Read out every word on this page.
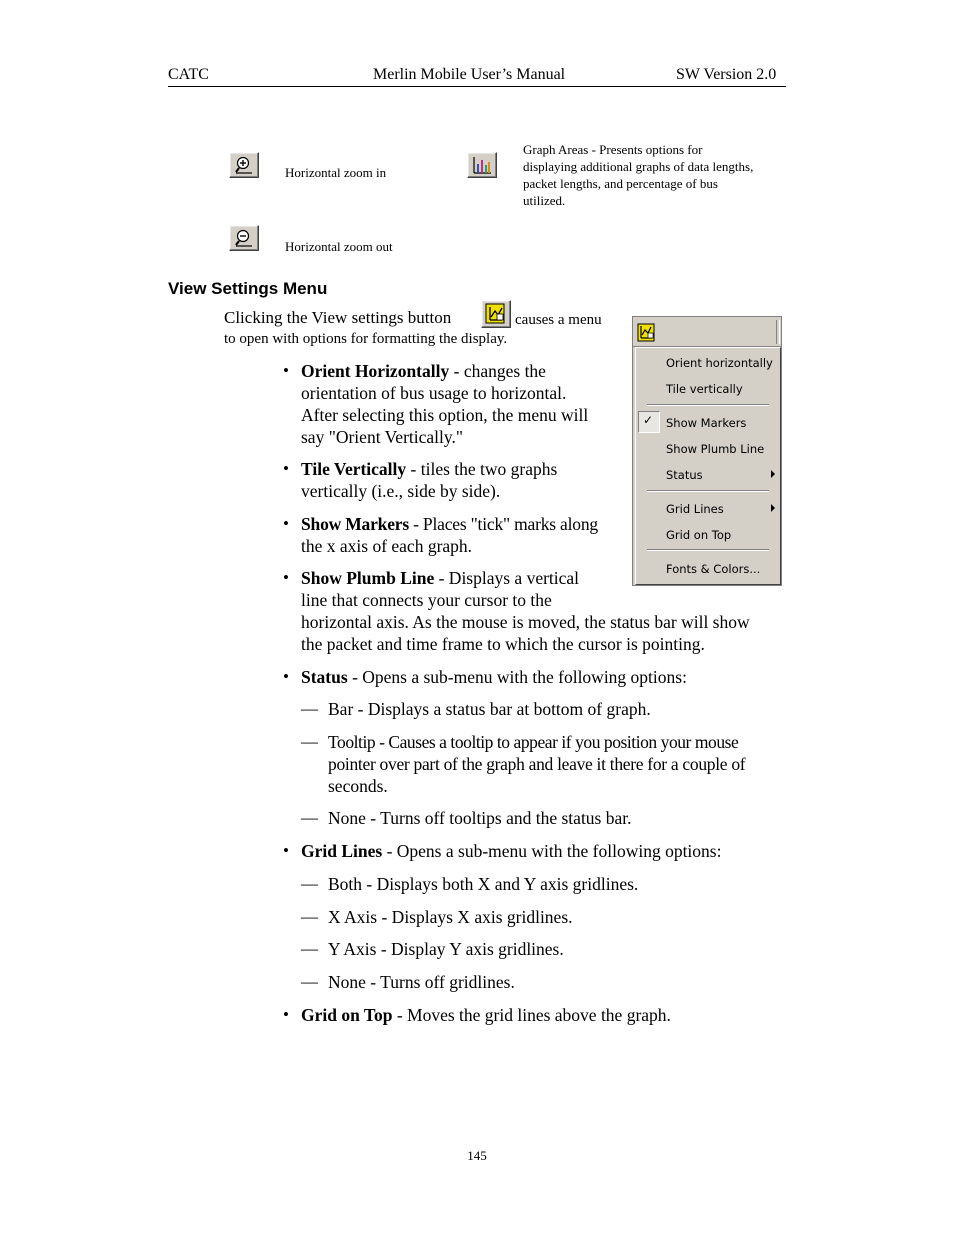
CATC	Merlin Mobile User’s Manual	SW Version 2.0
Horizontal zoom in
Horizontal zoom out
Graph Areas - Presents options for
displaying additional graphs of data lengths,
packet lengths, and percentage of bus
utilized.
View Settings Menu
Clicking the View settings button	causes a menu
to open with options for formatting the display.
• Orient Horizontally - changes the
orientation of bus usage to horizontal.
After selecting this option, the menu will
say "Orient Vertically."
• Tile Vertically - tiles the two graphs
vertically (i.e., side by side).
• Show Markers - Places "tick" marks along
the x axis of each graph.
• Show Plumb Line - Displays a vertical
line that connects your cursor to the
horizontal axis. As the mouse is moved, the status bar will show
the packet and time frame to which the cursor is pointing.
• Status - Opens a sub-menu with the following options:
— Bar - Displays a status bar at bottom of graph.
— Tooltip - Causes a tooltip to appear if you position your mouse
pointer over part of the graph and leave it there for a couple of
seconds.
— None - Turns off tooltips and the status bar.
• Grid Lines - Opens a sub-menu with the following options:
— Both - Displays both X and Y axis gridlines.
— X Axis - Displays X axis gridlines.
— Y Axis - Display Y axis gridlines.
— None - Turns off gridlines.
• Grid on Top - Moves the grid lines above the graph.
Orient horizontally
Tile vertically
✓ Show Markers
Show Plumb Line
Status
Grid Lines
Grid on Top
Fonts & Colors...
145
